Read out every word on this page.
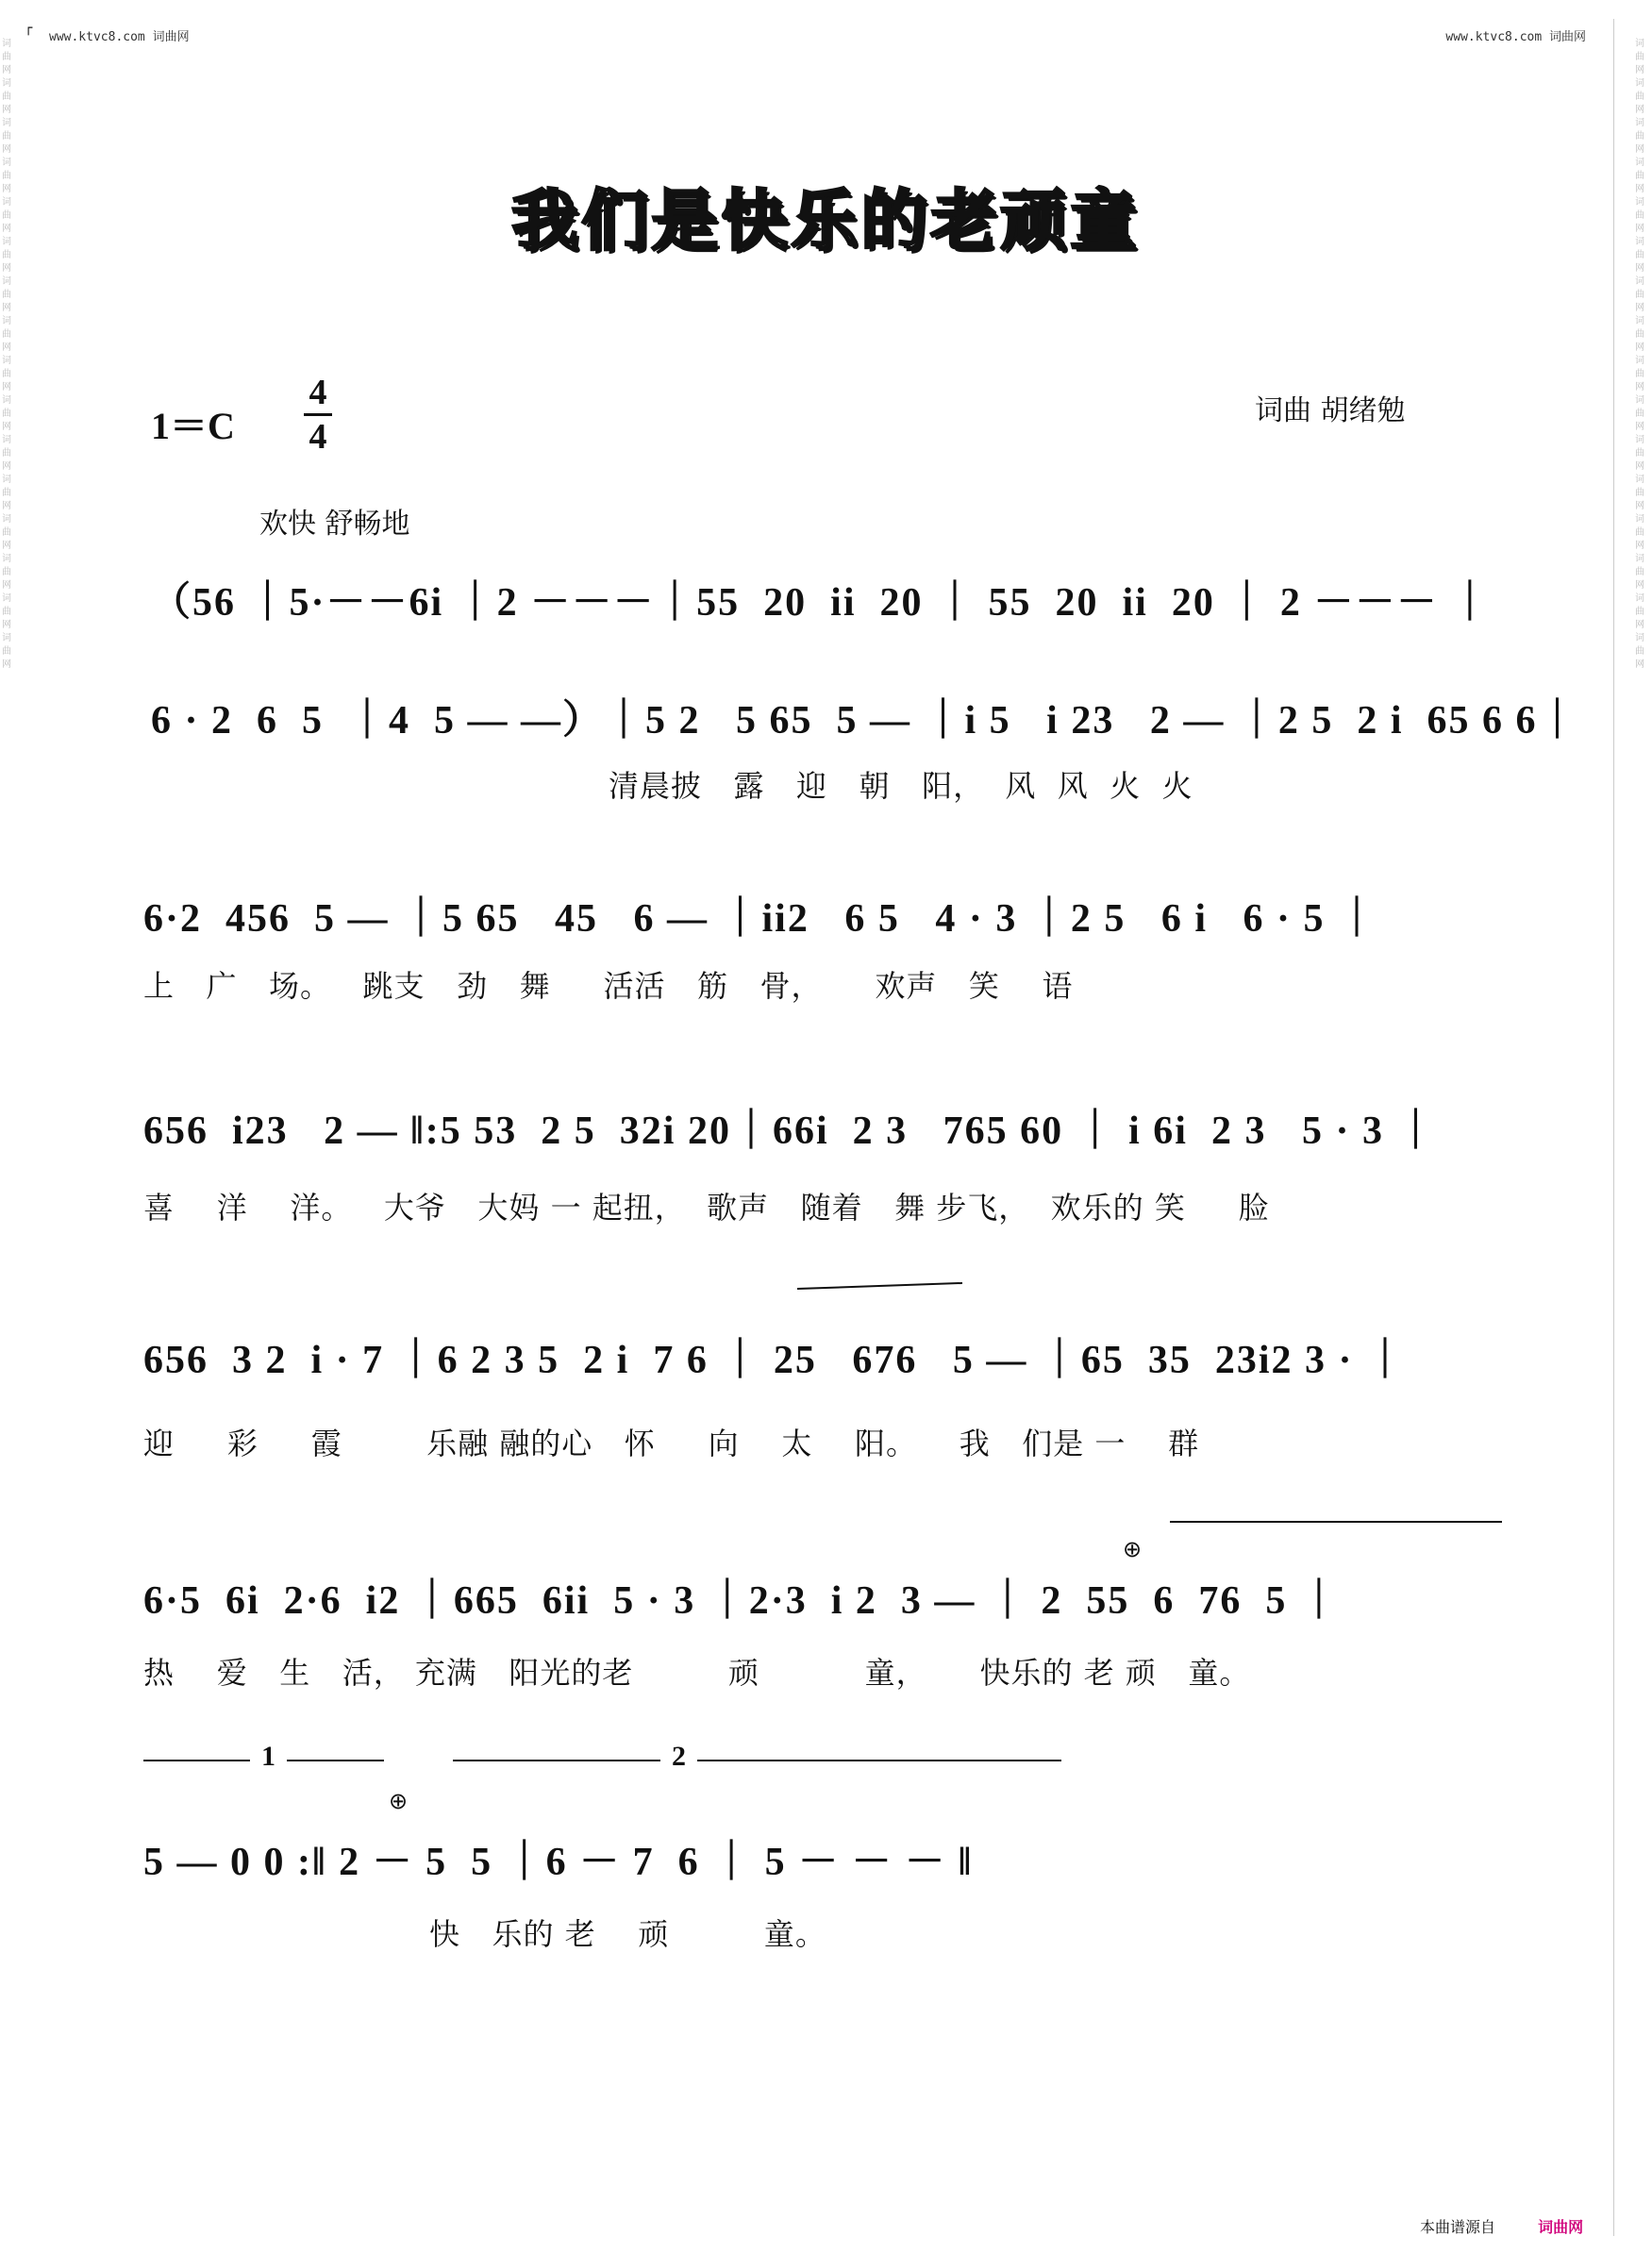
www.ktvc8.com 词曲网	www.ktvc8.com 词曲网
┌
词曲网词曲网词曲网词曲网词曲网词曲网词曲网词曲网词曲网词曲网词曲网词曲网词曲网词曲网词曲网词曲网
词曲网词曲网词曲网词曲网词曲网词曲网词曲网词曲网词曲网词曲网词曲网词曲网词曲网词曲网词曲网词曲网
我们是快乐的老顽童
1＝C
4
4
词曲 胡绪勉
欢快 舒畅地
（56 ｜5·－－6i ｜2 －－－｜55  20  ii  20 ｜ 55  20  ii  20 ｜ 2 －－－ ｜
6 · 2  6  5  ｜4  5 — —）｜5 2   5 65  5 — ｜i 5   i 23   2 — ｜2 5  2 i  65 6 6｜
清晨披   露   迎   朝   阳，  风  风  火  火
6·2  456  5 — ｜5 65   45   6 — ｜ii2   6 5   4 · 3 ｜2 5   6 i   6 · 5 ｜
上   广   场。   跳支   劲   舞     活活   筋   骨，     欢声   笑    语
656  i23   2 — ‖:5 53  2 5  32i 20｜66i  2 3   765 60 ｜ i 6i  2 3   5 · 3 ｜
喜    洋    洋。   大爷   大妈 一 起扭，  歌声   随着   舞 步飞，  欢乐的 笑     脸
656  3 2  i · 7 ｜6 2 3 5  2 i  7 6 ｜ 25   676   5 — ｜65  35  23i2 3 · ｜
迎     彩     霞        乐融 融的心   怀     向    太    阳。    我   们是 一    群
⊕
6·5  6i  2·6  i2 ｜665  6ii  5 · 3 ｜2·3  i 2  3 — ｜ 2  55  6  76  5 ｜
热    爱   生   活， 充满   阳光的老         顽          童，     快乐的 老 顽   童。
1	2
⊕
5 — 0 0 :‖ 2 － 5  5 ｜6 － 7  6 ｜ 5 － － － ‖
快   乐的 老    顽         童。
本曲谱源自	词曲网
